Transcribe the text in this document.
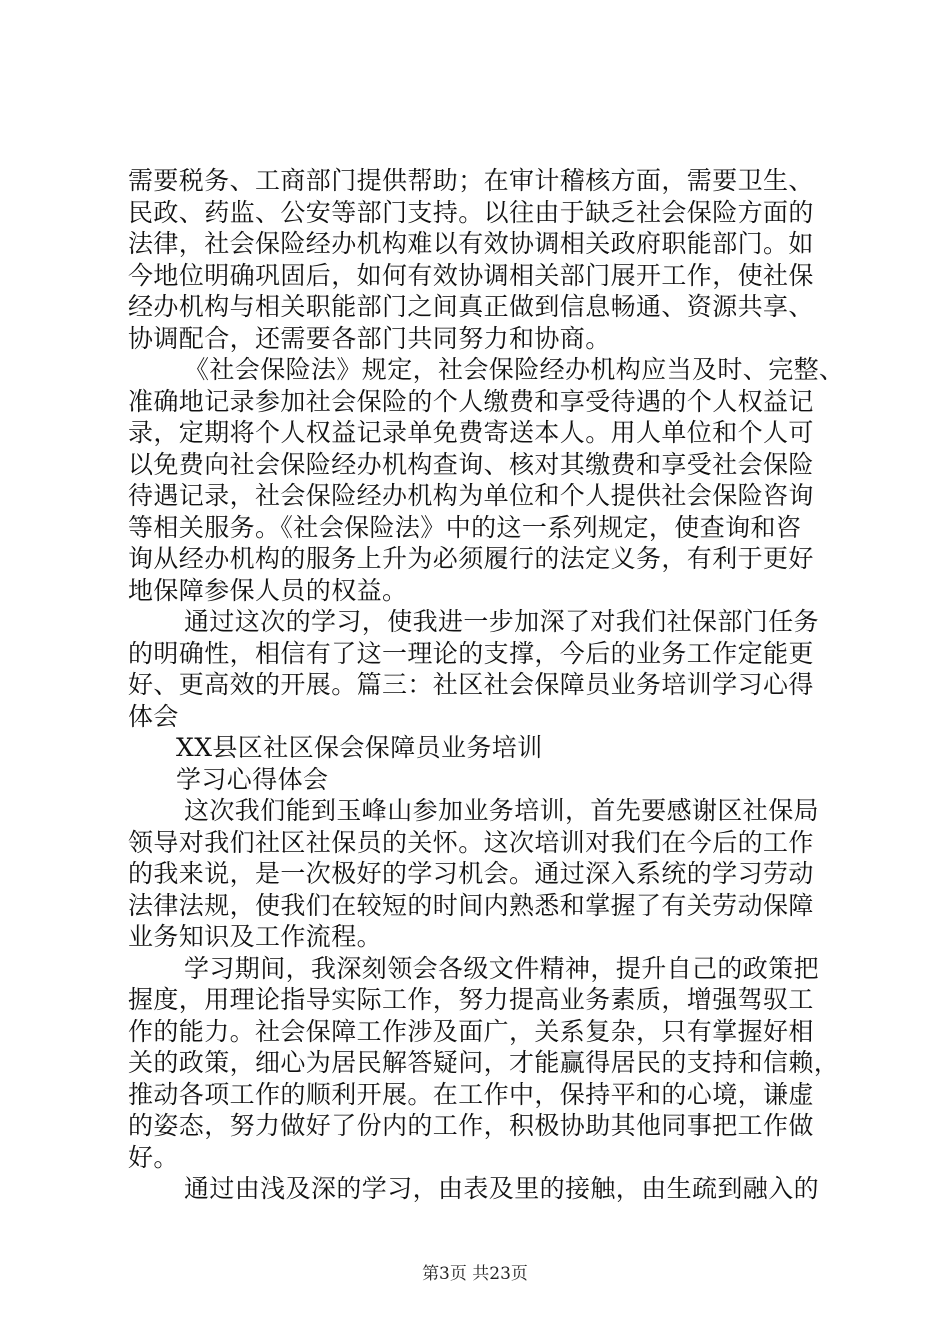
需要税务、工商部门提供帮助；在审计稽核方面，需要卫生、
民政、药监、公安等部门支持。以往由于缺乏社会保险方面的
法律，社会保险经办机构难以有效协调相关政府职能部门。如
今地位明确巩固后，如何有效协调相关部门展开工作，使社保
经办机构与相关职能部门之间真正做到信息畅通、资源共享、
协调配合，还需要各部门共同努力和协商。
《社会保险法》规定，社会保险经办机构应当及时、完整、
准确地记录参加社会保险的个人缴费和享受待遇的个人权益记
录，定期将个人权益记录单免费寄送本人。用人单位和个人可
以免费向社会保险经办机构查询、核对其缴费和享受社会保险
待遇记录，社会保险经办机构为单位和个人提供社会保险咨询
等相关服务。《社会保险法》中的这一系列规定，使查询和咨
询从经办机构的服务上升为必须履行的法定义务，有利于更好
地保障参保人员的权益。
通过这次的学习，使我进一步加深了对我们社保部门任务
的明确性，相信有了这一理论的支撑，今后的业务工作定能更
好、更高效的开展。篇三：社区社会保障员业务培训学习心得
体会
XX县区社区保会保障员业务培训
学习心得体会
这次我们能到玉峰山参加业务培训，首先要感谢区社保局
领导对我们社区社保员的关怀。这次培训对我们在今后的工作
的我来说，是一次极好的学习机会。通过深入系统的学习劳动
法律法规，使我们在较短的时间内熟悉和掌握了有关劳动保障
业务知识及工作流程。
学习期间，我深刻领会各级文件精神，提升自己的政策把
握度，用理论指导实际工作，努力提高业务素质，增强驾驭工
作的能力。社会保障工作涉及面广，关系复杂，只有掌握好相
关的政策，细心为居民解答疑问，才能赢得居民的支持和信赖，
推动各项工作的顺利开展。在工作中，保持平和的心境，谦虚
的姿态，努力做好了份内的工作，积极协助其他同事把工作做
好。
通过由浅及深的学习，由表及里的接触，由生疏到融入的
第3页 共23页
